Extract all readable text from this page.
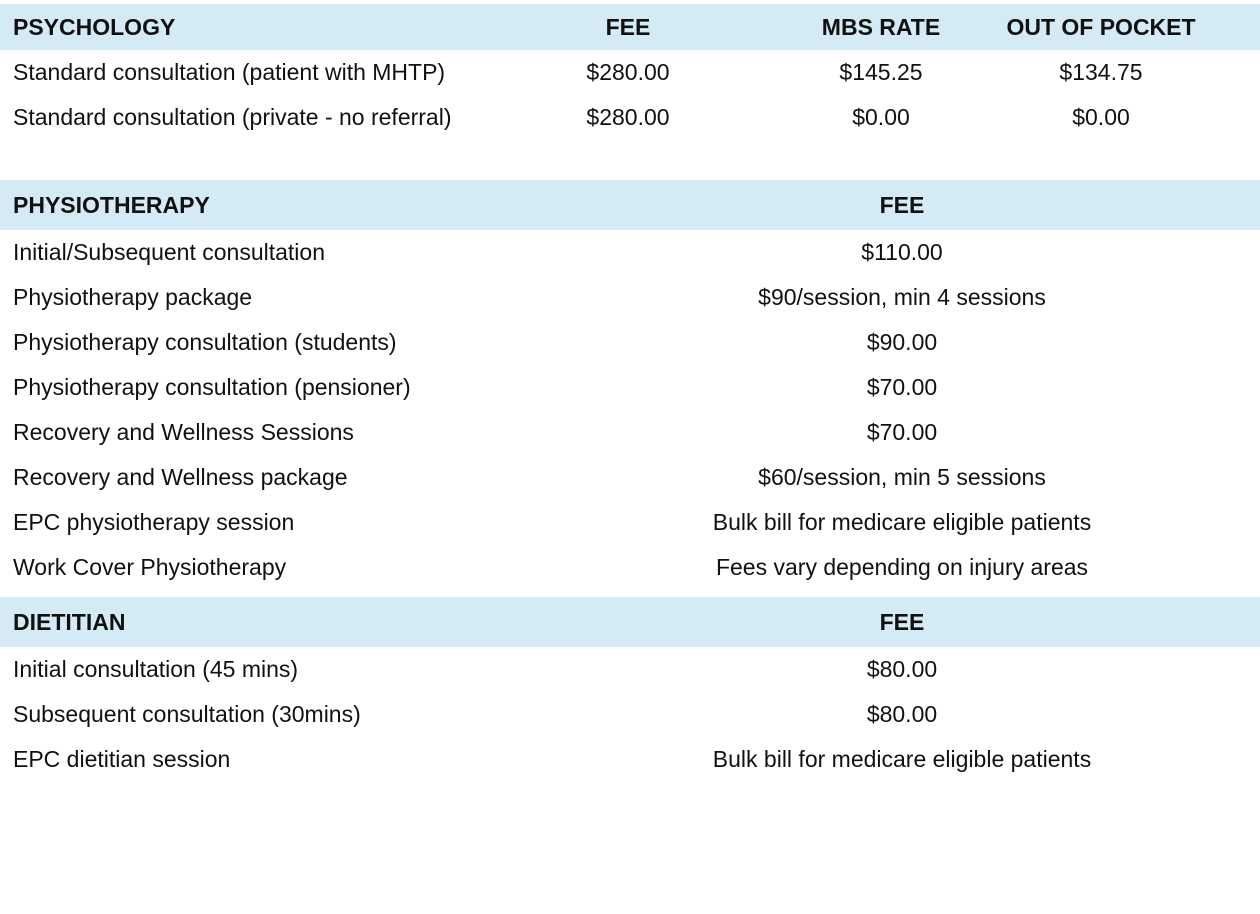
PSYCHOLOGY	FEE	MBS RATE	OUT OF POCKET
Standard consultation (patient with MHTP)	$280.00	$145.25	$134.75
Standard consultation (private - no referral)	$280.00	$0.00	$0.00
PHYSIOTHERAPY	FEE
Initial/Subsequent consultation	$110.00
Physiotherapy package	$90/session, min 4 sessions
Physiotherapy consultation (students)	$90.00
Physiotherapy consultation (pensioner)	$70.00
Recovery and Wellness Sessions	$70.00
Recovery and Wellness package	$60/session, min 5 sessions
EPC physiotherapy session	Bulk bill for medicare eligible patients
Work Cover Physiotherapy	Fees vary depending on injury areas
DIETITIAN	FEE
Initial consultation (45 mins)	$80.00
Subsequent consultation (30mins)	$80.00
EPC dietitian session	Bulk bill for medicare eligible patients
